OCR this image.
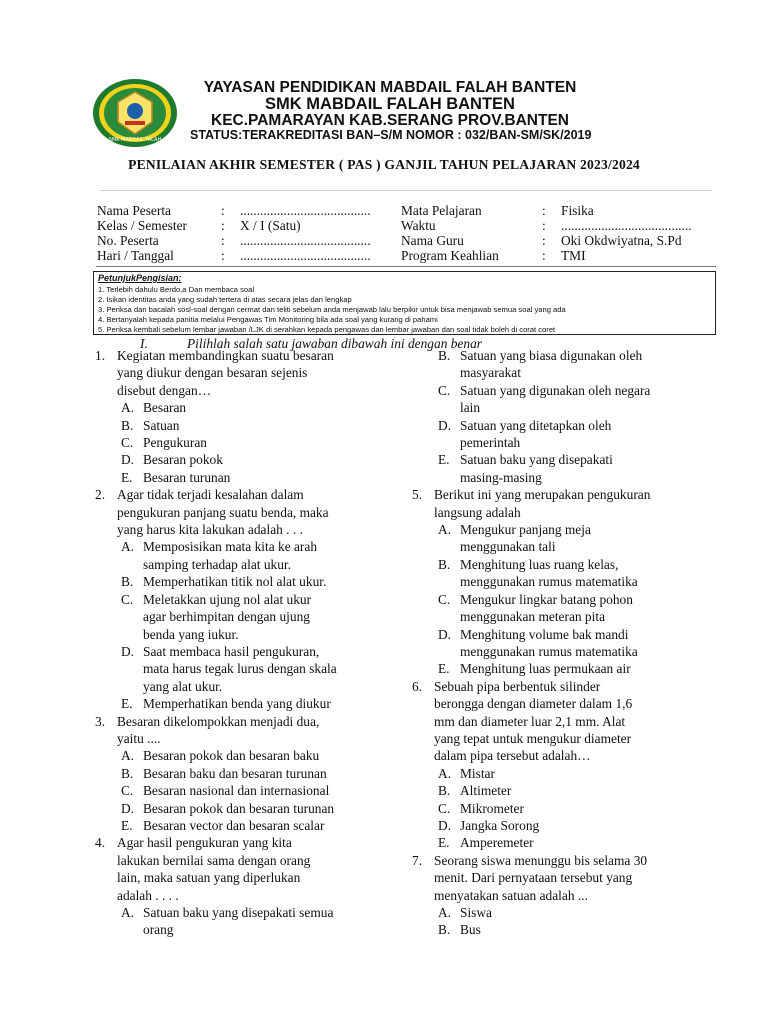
SMK MABDAIL FALAH
YAYASAN PENDIDIKAN MABDAIL FALAH BANTEN
SMK MABDAIL FALAH BANTEN
KEC.PAMARAYAN KAB.SERANG PROV.BANTEN
STATUS:TERAKREDITASI BAN–S/M NOMOR : 032/BAN-SM/SK/2019
PENILAIAN AKHIR SEMESTER ( PAS ) GANJIL TAHUN PELAJARAN 2023/2024
Nama Peserta	: .......................................
Kelas / Semester	: X / I (Satu)
No. Peserta	: .......................................
Hari / Tanggal	: .......................................
Mata Pelajaran	: Fisika
Waktu	: .......................................
Nama Guru	: Oki Okdwiyatna, S.Pd
Program Keahlian	: TMI
PetunjukPengisian:
1. Terlebih dahulu Berdo,a Dan membaca soal
2. Isikan identitas anda yang sudah tertera di atas secara jelas dan lengkap
3. Periksa dan bacalah sosl-soal dengan cermat dan teliti sebelum anda menjawab lalu berpikir untuk bisa menjawab semua soal yang ada
4. Bertanyalah kepada panitia melalui Pengawas Tim Monitoring bila ada soal yang kurang di pahami
5. Periksa kembali sebelum lembar jawaban /LJK di serahkan kepada pengawas dan lembar jawaban dan soal tidak boleh di corat coret
I.	Pilihlah salah satu jawaban dibawah ini dengan benar
1. Kegiatan membandingkan suatu besaran
yang diukur dengan besaran sejenis
disebut dengan…
A. Besaran
B. Satuan
C. Pengukuran
D. Besaran pokok
E. Besaran turunan
2. Agar tidak terjadi kesalahan dalam
pengukuran panjang suatu benda, maka
yang harus kita lakukan adalah . . .
A. Memposisikan mata kita ke arah
samping terhadap alat ukur.
B. Memperhatikan titik nol alat ukur.
C. Meletakkan ujung nol alat ukur
agar berhimpitan dengan ujung
benda yang iukur.
D. Saat membaca hasil pengukuran,
mata harus tegak lurus dengan skala
yang alat ukur.
E. Memperhatikan benda yang diukur
3. Besaran dikelompokkan menjadi dua,
yaitu ....
A. Besaran pokok dan besaran baku
B. Besaran baku dan besaran turunan
C. Besaran nasional dan internasional
D. Besaran pokok dan besaran turunan
E. Besaran vector dan besaran scalar
4. Agar hasil pengukuran yang kita
lakukan bernilai sama dengan orang
lain, maka satuan yang diperlukan
adalah . . . .
A. Satuan baku yang disepakati semua
orang
B. Satuan yang biasa digunakan oleh
masyarakat
C. Satuan yang digunakan oleh negara
lain
D. Satuan yang ditetapkan oleh
pemerintah
E. Satuan baku yang disepakati
masing-masing
5. Berikut ini yang merupakan pengukuran
langsung adalah
A. Mengukur panjang meja
menggunakan tali
B. Menghitung luas ruang kelas,
menggunakan rumus matematika
C. Mengukur lingkar batang pohon
menggunakan meteran pita
D. Menghitung volume bak mandi
menggunakan rumus matematika
E. Menghitung luas permukaan air
6. Sebuah pipa berbentuk silinder
berongga dengan diameter dalam 1,6
mm dan diameter luar 2,1 mm. Alat
yang tepat untuk mengukur diameter
dalam pipa tersebut adalah…
A. Mistar
B. Altimeter
C. Mikrometer
D. Jangka Sorong
E. Amperemeter
7. Seorang siswa menunggu bis selama 30
menit. Dari pernyataan tersebut yang
menyatakan satuan adalah ...
A. Siswa
B. Bus
